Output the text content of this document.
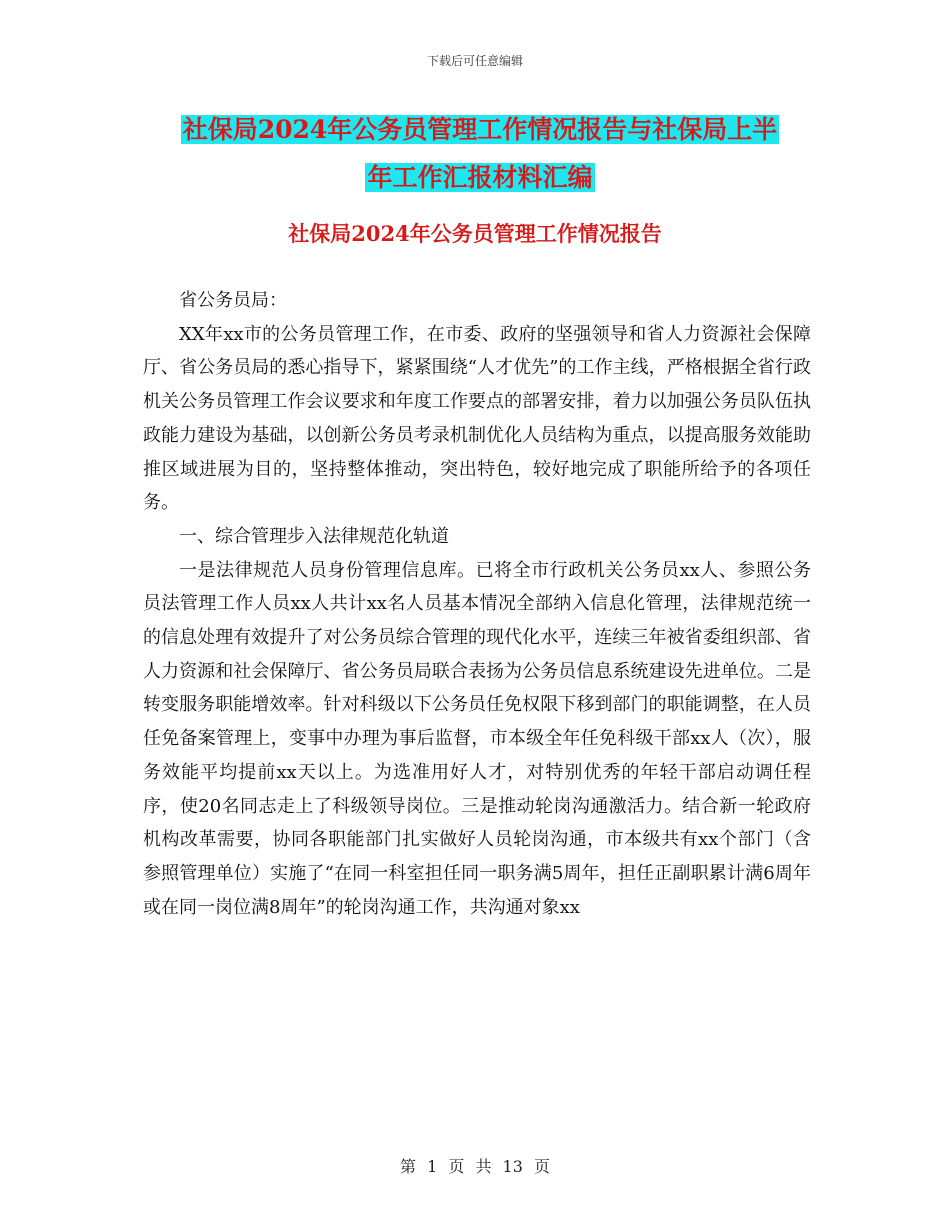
下载后可任意编辑
社保局2024年公务员管理工作情况报告与社保局上半
年工作汇报材料汇编
社保局2024年公务员管理工作情况报告

省公务员局：

XX年xx市的公务员管理工作，在市委、政府的坚强领导和省人力资源社会保障厅、省公务员局的悉心指导下，紧紧围绕“人才优先”的工作主线，严格根据全省行政机关公务员管理工作会议要求和年度工作要点的部署安排，着力以加强公务员队伍执政能力建设为基础，以创新公务员考录机制优化人员结构为重点，以提高服务效能助推区域进展为目的，坚持整体推动，突出特色，较好地完成了职能所给予的各项任务。

一、综合管理步入法律规范化轨道

一是法律规范人员身份管理信息库。已将全市行政机关公务员xx人、参照公务员法管理工作人员xx人共计xx名人员基本情况全部纳入信息化管理，法律规范统一的信息处理有效提升了对公务员综合管理的现代化水平，连续三年被省委组织部、省人力资源和社会保障厅、省公务员局联合表扬为公务员信息系统建设先进单位。二是转变服务职能增效率。针对科级以下公务员任免权限下移到部门的职能调整，在人员任免备案管理上，变事中办理为事后监督，市本级全年任免科级干部xx人（次），服务效能平均提前xx天以上。为选准用好人才，对特别优秀的年轻干部启动调任程序，使20名同志走上了科级领导岗位。三是推动轮岗沟通激活力。结合新一轮政府机构改革需要，协同各职能部门扎实做好人员轮岗沟通，市本级共有xx个部门（含参照管理单位）实施了“在同一科室担任同一职务满5周年，担任正副职累计满6周年或在同一岗位满8周年”的轮岗沟通工作，共沟通对象xx

第 1 页 共 13 页
